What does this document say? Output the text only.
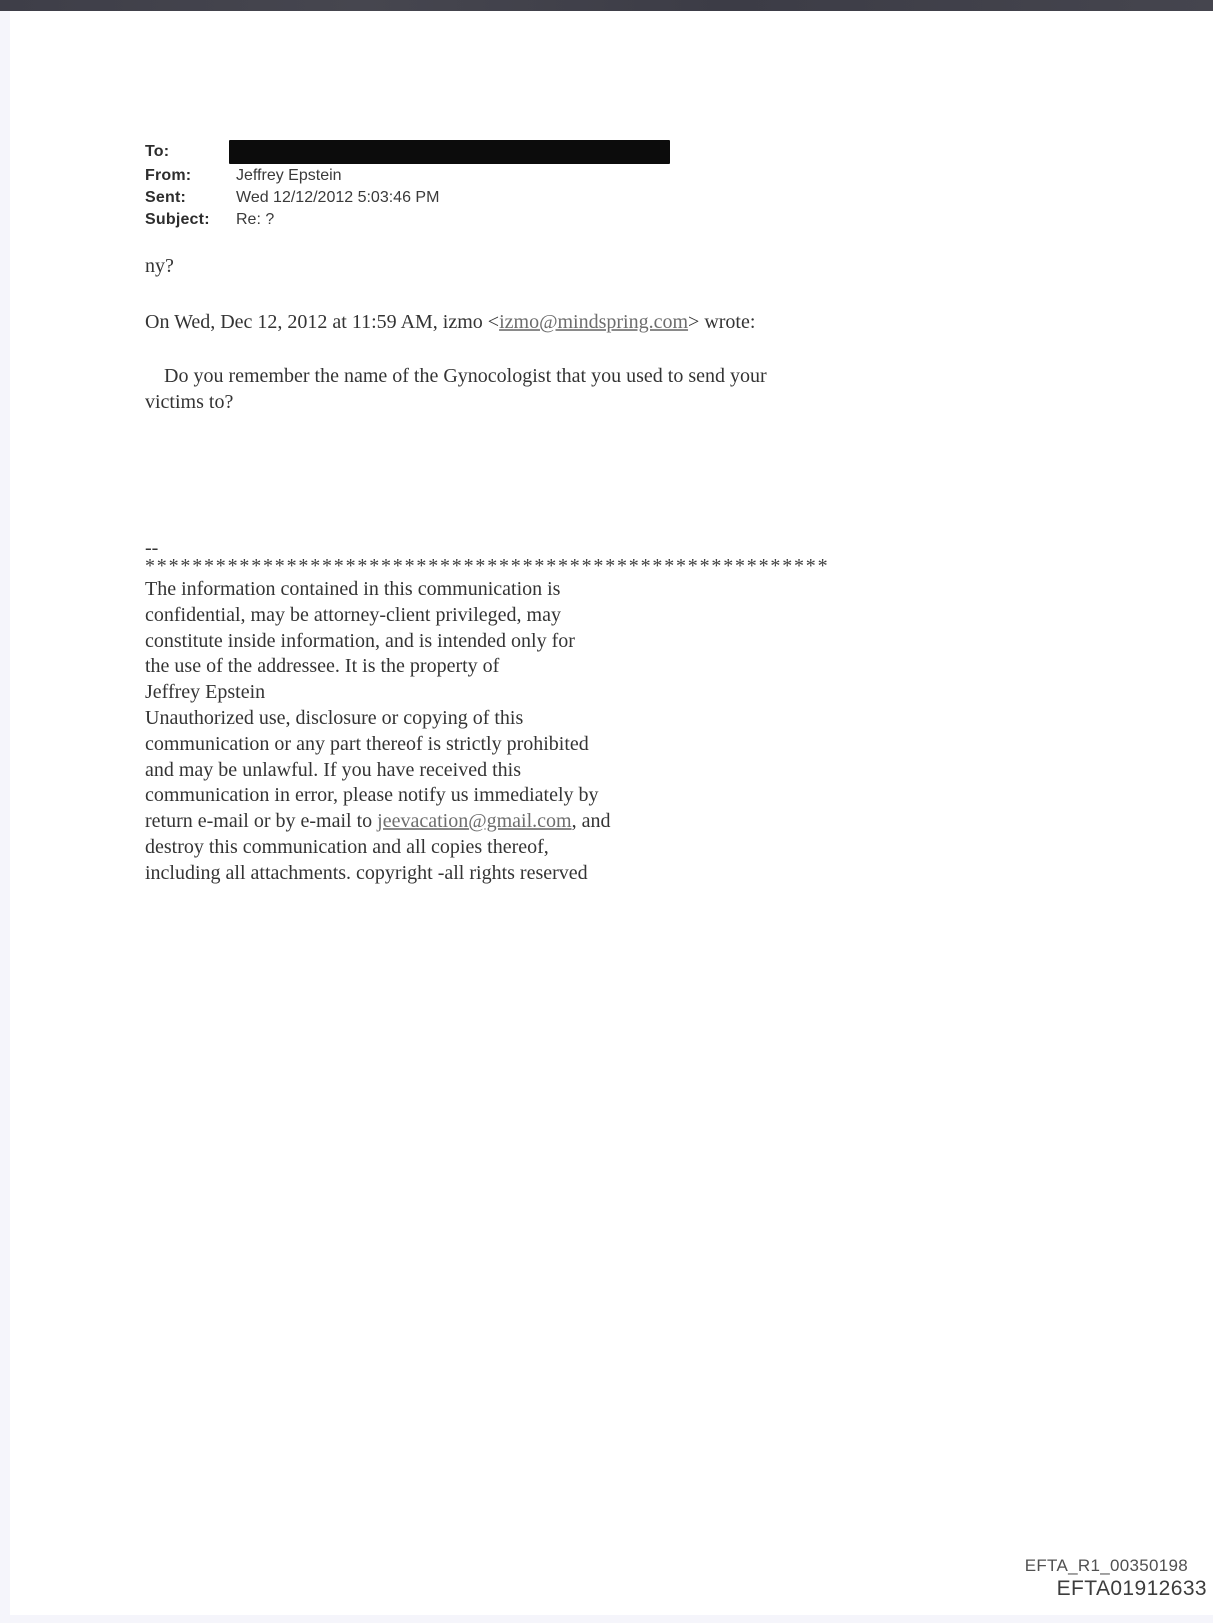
To:
From:	Jeffrey Epstein
Sent:	Wed 12/12/2012 5:03:46 PM
Subject: Re: ?
ny?
On Wed, Dec 12, 2012 at 11:59 AM, izmo <izmo@mindspring.com> wrote:
Do you remember the name of the Gynocologist that you used to send your
victims to?
--
**********************************************************
The information contained in this communication is
confidential, may be attorney-client privileged, may
constitute inside information, and is intended only for
the use of the addressee. It is the property of
Jeffrey Epstein
Unauthorized use, disclosure or copying of this
communication or any part thereof is strictly prohibited
and may be unlawful. If you have received this
communication in error, please notify us immediately by
return e-mail or by e-mail to jeevacation@gmail.com, and
destroy this communication and all copies thereof,
including all attachments. copyright -all rights reserved
EFTA_R1_00350198
EFTA01912633
